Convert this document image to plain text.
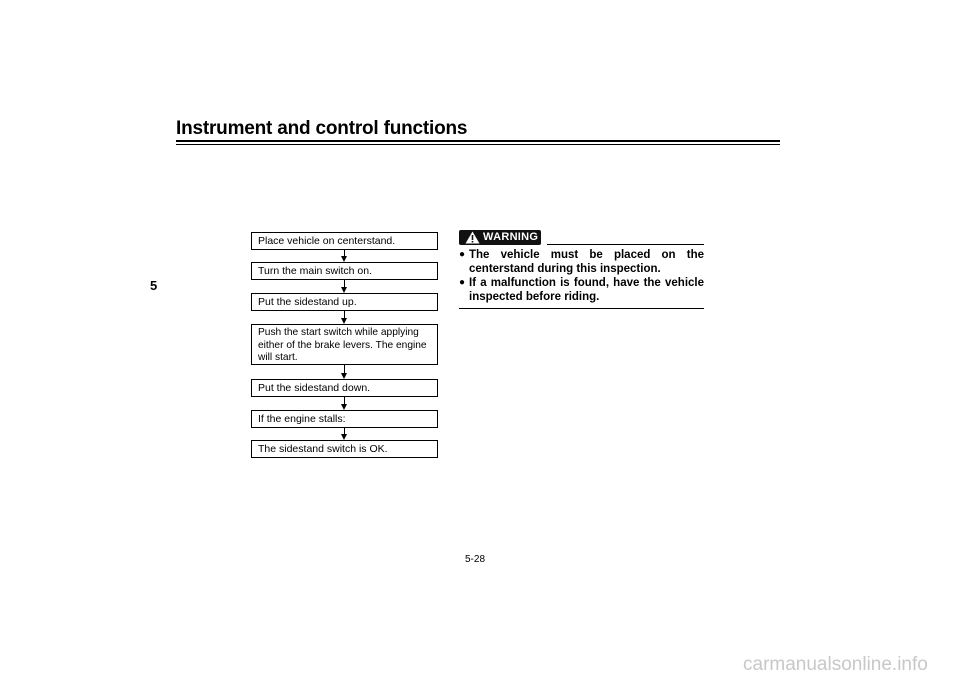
Instrument and control functions
5
Place vehicle on centerstand.
Turn the main switch on.
Put the sidestand up.
Push the start switch while applying either of the brake levers. The engine will start.
Put the sidestand down.
If the engine stalls:
The sidestand switch is OK.
WARNING
● The vehicle must be placed on the centerstand during this inspection.
● If a malfunction is found, have the vehicle inspected before riding.
5-28
carmanualsonline.info
